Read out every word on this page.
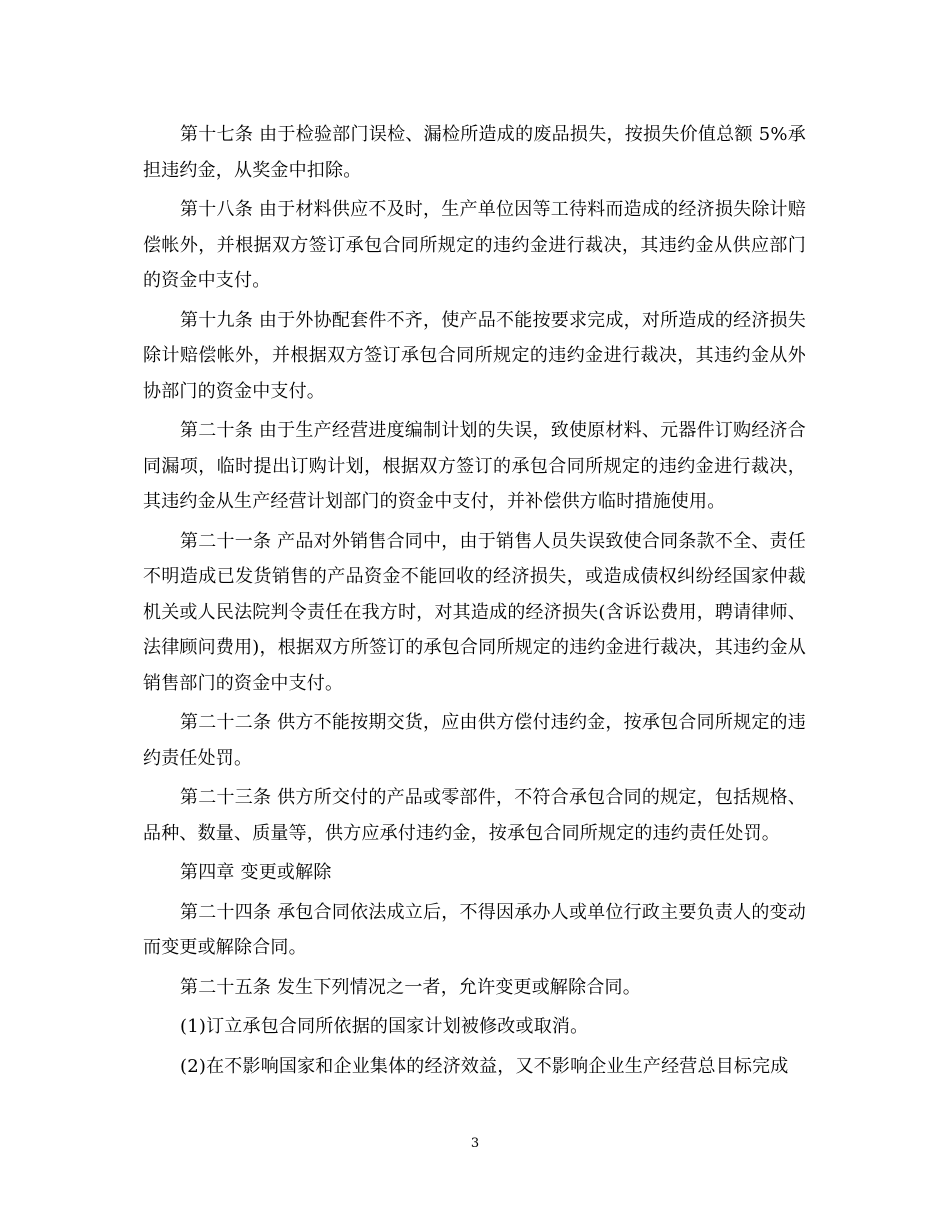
第十七条 由于检验部门误检、漏检所造成的废品损失，按损失价值总额 5%承担违约金，从奖金中扣除。

第十八条 由于材料供应不及时，生产单位因等工待料而造成的经济损失除计赔偿帐外，并根据双方签订承包合同所规定的违约金进行裁决，其违约金从供应部门的资金中支付。

第十九条 由于外协配套件不齐，使产品不能按要求完成，对所造成的经济损失除计赔偿帐外，并根据双方签订承包合同所规定的违约金进行裁决，其违约金从外协部门的资金中支付。

第二十条 由于生产经营进度编制计划的失误，致使原材料、元器件订购经济合同漏项，临时提出订购计划，根据双方签订的承包合同所规定的违约金进行裁决，其违约金从生产经营计划部门的资金中支付，并补偿供方临时措施使用。

第二十一条 产品对外销售合同中，由于销售人员失误致使合同条款不全、责任不明造成已发货销售的产品资金不能回收的经济损失，或造成债权纠纷经国家仲裁机关或人民法院判令责任在我方时，对其造成的经济损失(含诉讼费用，聘请律师、法律顾问费用)，根据双方所签订的承包合同所规定的违约金进行裁决，其违约金从销售部门的资金中支付。

第二十二条 供方不能按期交货，应由供方偿付违约金，按承包合同所规定的违约责任处罚。

第二十三条 供方所交付的产品或零部件，不符合承包合同的规定，包括规格、品种、数量、质量等，供方应承付违约金，按承包合同所规定的违约责任处罚。

第四章 变更或解除

第二十四条 承包合同依法成立后，不得因承办人或单位行政主要负责人的变动而变更或解除合同。

第二十五条 发生下列情况之一者，允许变更或解除合同。

(1)订立承包合同所依据的国家计划被修改或取消。

(2)在不影响国家和企业集体的经济效益，又不影响企业生产经营总目标完成

3
